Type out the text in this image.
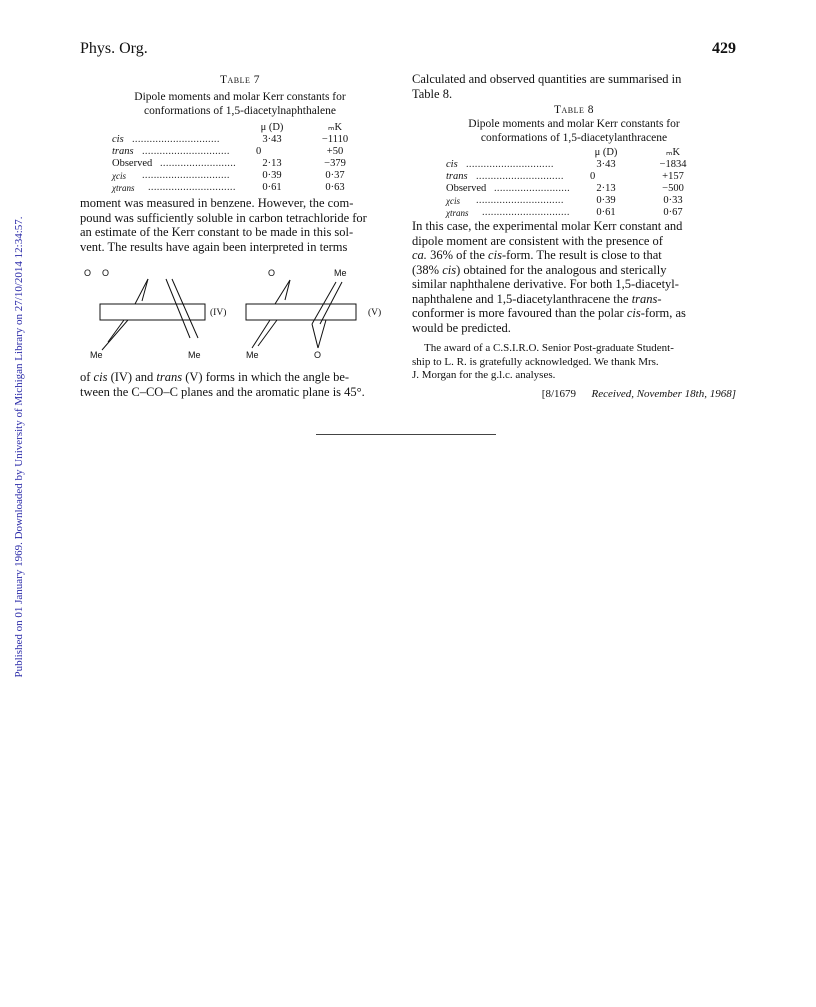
Published on 01 January 1969. Downloaded by University of Michigan Library on 27/10/2014 12:34:57.
Phys. Org.	429
Table 7
Dipole moments and molar Kerr constants for
conformations of 1,5-diacetylnaphthalene
μ (D)	ₘK
cis ..............................	3·43	−1110
trans ..............................	0	+50
Observed ..........................	2·13	−379
χcis ..............................	0·39	0·37
χtrans ..............................	0·61	0·63
moment was measured in benzene. However, the com-
pound was sufficiently soluble in carbon tetrachloride for
an estimate of the Kerr constant to be made in this sol-
vent. The results have again been interpreted in terms
O O	O	Me
(IV)	(V)
Me	Me	Me	O
of cis (IV) and trans (V) forms in which the angle be-
tween the C–CO–C planes and the aromatic plane is 45°.
Calculated and observed quantities are summarised in
Table 8.
Table 8
Dipole moments and molar Kerr constants for
conformations of 1,5-diacetylanthracene
μ (D)	ₘK
cis ..............................	3·43	−1834
trans ..............................	0	+157
Observed ..........................	2·13	−500
χcis ..............................	0·39	0·33
χtrans ..............................	0·61	0·67
In this case, the experimental molar Kerr constant and
dipole moment are consistent with the presence of
ca. 36% of the cis-form. The result is close to that
(38% cis) obtained for the analogous and sterically
similar naphthalene derivative. For both 1,5-diacetyl-
naphthalene and 1,5-diacetylanthracene the trans-
conformer is more favoured than the polar cis-form, as
would be predicted.
The award of a C.S.I.R.O. Senior Post-graduate Student-
ship to L. R. is gratefully acknowledged. We thank Mrs.
J. Morgan for the g.l.c. analyses.
[8/1679 Received, November 18th, 1968]
